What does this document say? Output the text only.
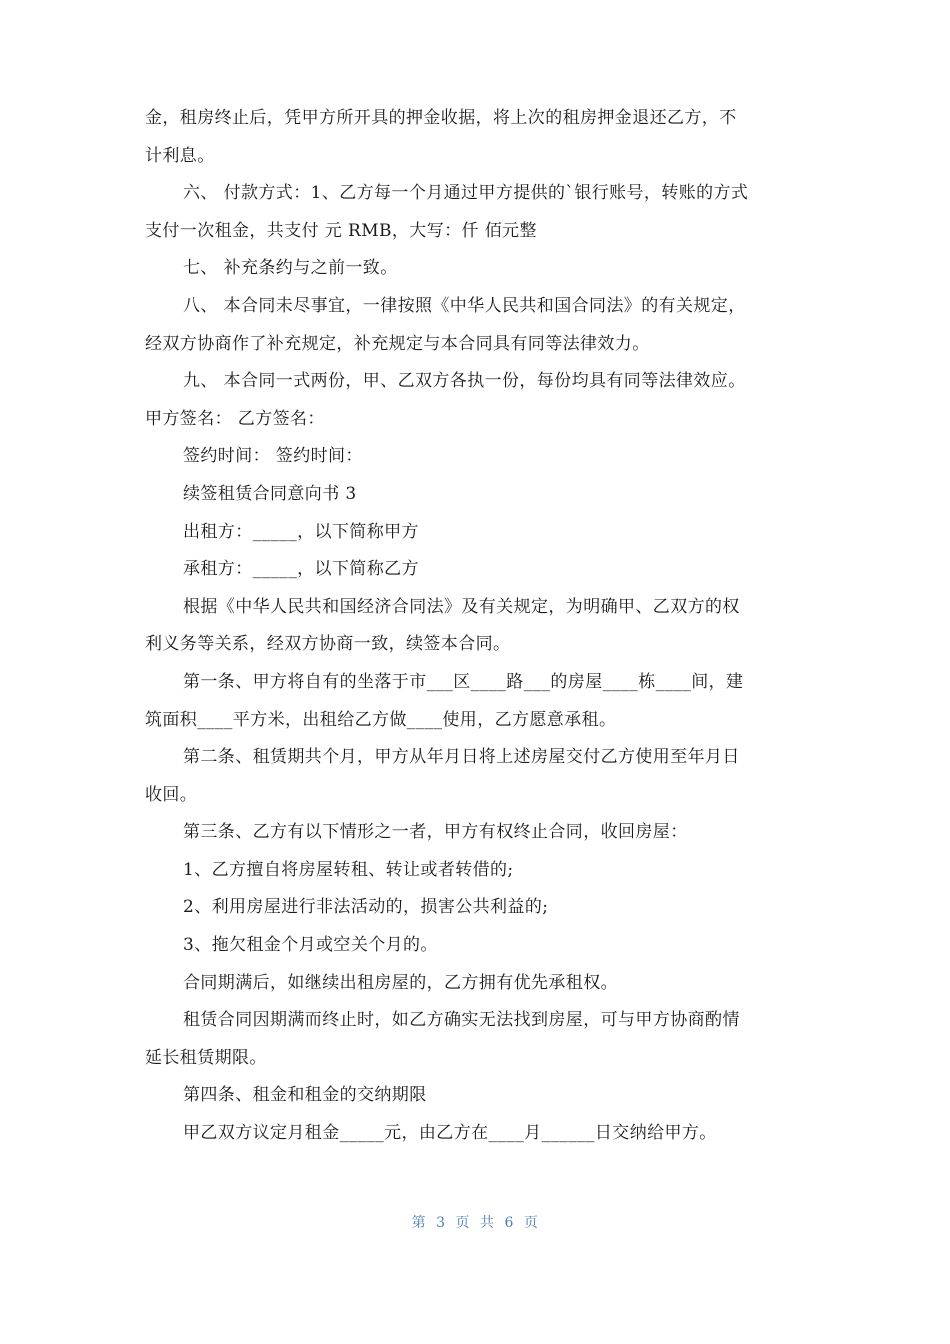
金，租房终止后，凭甲方所开具的押金收据，将上次的租房押金退还乙方，不
计利息。
六、 付款方式：1、乙方每一个月通过甲方提供的`银行账号，转账的方式
支付一次租金，共支付 元 RMB，大写：仟 佰元整
七、 补充条约与之前一致。
八、 本合同未尽事宜，一律按照《中华人民共和国合同法》的有关规定，
经双方协商作了补充规定，补充规定与本合同具有同等法律效力。
九、 本合同一式两份，甲、乙双方各执一份，每份均具有同等法律效应。
甲方签名： 乙方签名：
签约时间： 签约时间：
续签租赁合同意向书 3
出租方：_____，以下简称甲方
承租方：_____，以下简称乙方
根据《中华人民共和国经济合同法》及有关规定，为明确甲、乙双方的权
利义务等关系，经双方协商一致，续签本合同。
第一条、甲方将自有的坐落于市___区____路___的房屋____栋____间，建
筑面积____平方米，出租给乙方做____使用，乙方愿意承租。
第二条、租赁期共个月，甲方从年月日将上述房屋交付乙方使用至年月日
收回。
第三条、乙方有以下情形之一者，甲方有权终止合同，收回房屋：
1、乙方擅自将房屋转租、转让或者转借的;
2、利用房屋进行非法活动的，损害公共利益的;
3、拖欠租金个月或空关个月的。
合同期满后，如继续出租房屋的，乙方拥有优先承租权。
租赁合同因期满而终止时，如乙方确实无法找到房屋，可与甲方协商酌情
延长租赁期限。
第四条、租金和租金的交纳期限
甲乙双方议定月租金_____元，由乙方在____月______日交纳给甲方。
第 3 页 共 6 页
